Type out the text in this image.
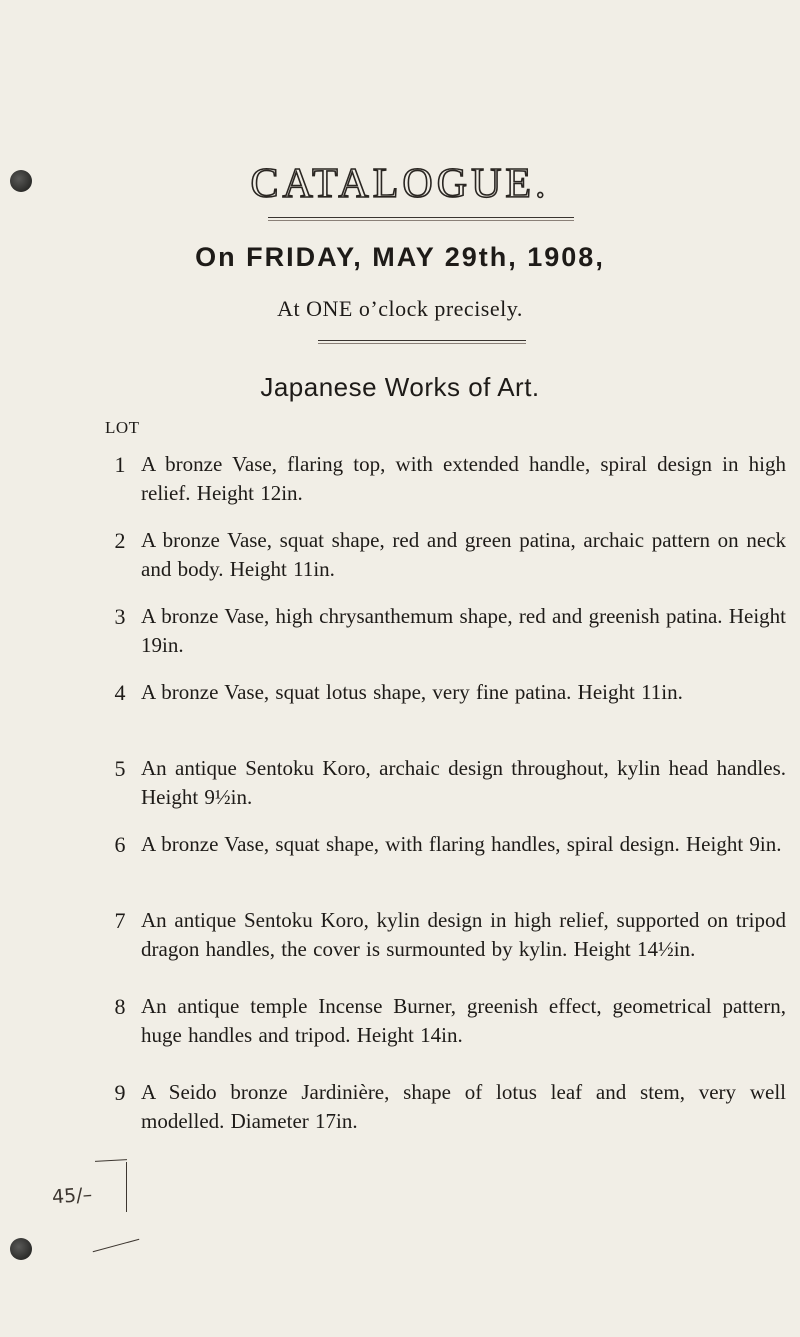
CATALOGUE.
On FRIDAY, MAY 29th, 1908,
At ONE o’clock precisely.
Japanese Works of Art.
LOT
1 A bronze Vase, flaring top, with extended handle, spiral design in high relief. Height 12in.
2 A bronze Vase, squat shape, red and green patina, archaic pattern on neck and body. Height 11in.
3 A bronze Vase, high chrysanthemum shape, red and greenish patina. Height 19in.
4 A bronze Vase, squat lotus shape, very fine patina. Height 11in.
5 An antique Sentoku Koro, archaic design throughout, kylin head handles. Height 9½in.
6 A bronze Vase, squat shape, with flaring handles, spiral design. Height 9in.
7 An antique Sentoku Koro, kylin design in high relief, supported on tripod dragon handles, the cover is surmounted by kylin. Height 14½in.
8 An antique temple Incense Burner, greenish effect, geometrical pattern, huge handles and tripod. Height 14in.
9 A Seido bronze Jardinière, shape of lotus leaf and stem, very well modelled. Diameter 17in.
45/–
